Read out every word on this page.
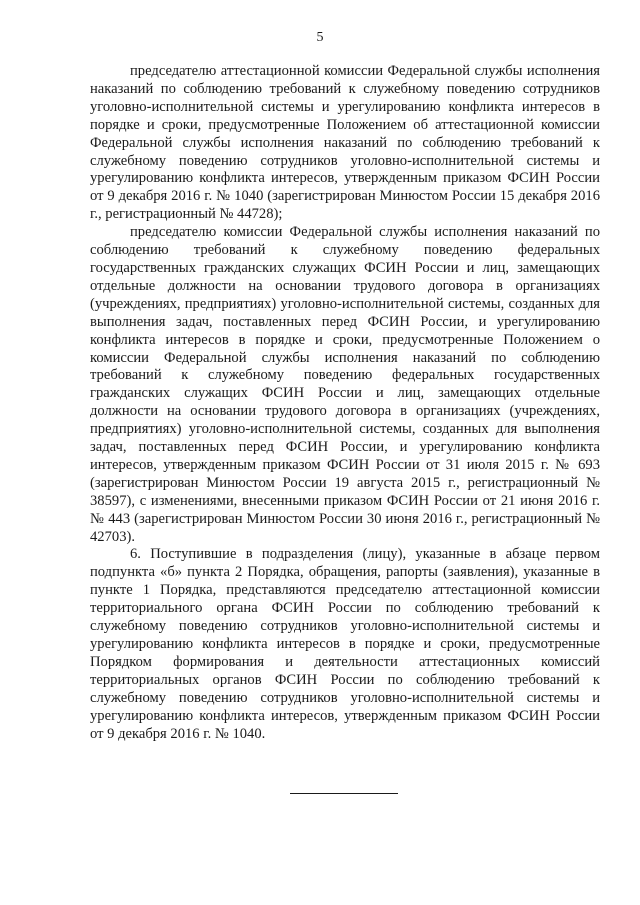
5

председателю аттестационной комиссии Федеральной службы исполнения наказаний по соблюдению требований к служебному поведению сотрудников уголовно-исполнительной системы и урегулированию конфликта интересов в порядке и сроки, предусмотренные Положением об аттестационной комиссии Федеральной службы исполнения наказаний по соблюдению требований к служебному поведению сотрудников уголовно-исполнительной системы и урегулированию конфликта интересов, утвержденным приказом ФСИН России от 9 декабря 2016 г. № 1040 (зарегистрирован Минюстом России 15 декабря 2016 г., регистрационный № 44728);

председателю комиссии Федеральной службы исполнения наказаний по соблюдению требований к служебному поведению федеральных государственных гражданских служащих ФСИН России и лиц, замещающих отдельные должности на основании трудового договора в организациях (учреждениях, предприятиях) уголовно-исполнительной системы, созданных для выполнения задач, поставленных перед ФСИН России, и урегулированию конфликта интересов в порядке и сроки, предусмотренные Положением о комиссии Федеральной службы исполнения наказаний по соблюдению требований к служебному поведению федеральных государственных гражданских служащих ФСИН России и лиц, замещающих отдельные должности на основании трудового договора в организациях (учреждениях, предприятиях) уголовно-исполнительной системы, созданных для выполнения задач, поставленных перед ФСИН России, и урегулированию конфликта интересов, утвержденным приказом ФСИН России от 31 июля 2015 г. № 693 (зарегистрирован Минюстом России 19 августа 2015 г., регистрационный № 38597), с изменениями, внесенными приказом ФСИН России от 21 июня 2016 г. № 443 (зарегистрирован Минюстом России 30 июня 2016 г., регистрационный № 42703).

6. Поступившие в подразделения (лицу), указанные в абзаце первом подпункта «б» пункта 2 Порядка, обращения, рапорты (заявления), указанные в пункте 1 Порядка, представляются председателю аттестационной комиссии территориального органа ФСИН России по соблюдению требований к служебному поведению сотрудников уголовно-исполнительной системы и урегулированию конфликта интересов в порядке и сроки, предусмотренные Порядком формирования и деятельности аттестационных комиссий территориальных органов ФСИН России по соблюдению требований к служебному поведению сотрудников уголовно-исполнительной системы и урегулированию конфликта интересов, утвержденным приказом ФСИН России от 9 декабря 2016 г. № 1040.
